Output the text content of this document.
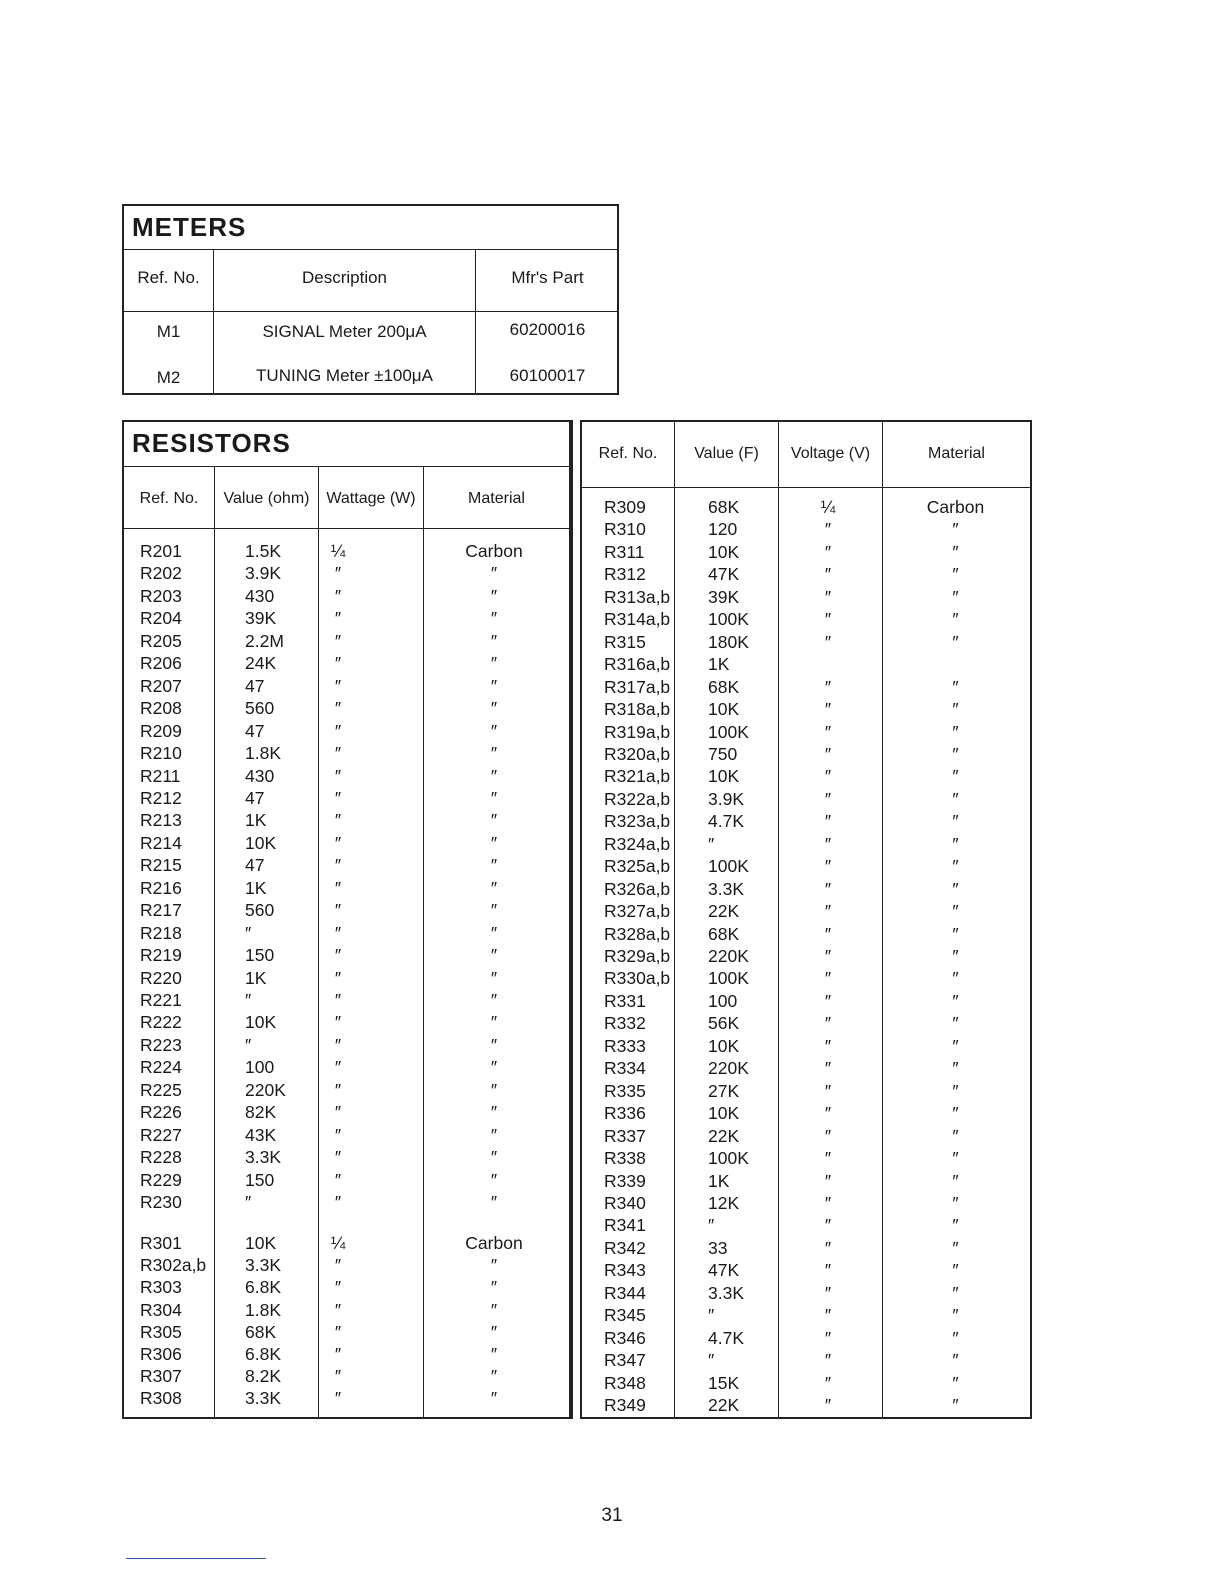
METERS
Ref. No.	Description	Mfr's Part
M1	SIGNAL Meter 200μA	60200016
M2	TUNING Meter ±100μA	60100017
RESISTORS
Ref. No.	Value (ohm)	Wattage (W)	Material
R201	1.5K	¼	Carbon
R202	3.9K	″	″
R203	430	″	″
R204	39K	″	″
R205	2.2M	″	″
R206	24K	″	″
R207	47	″	″
R208	560	″	″
R209	47	″	″
R210	1.8K	″	″
R211	430	″	″
R212	47	″	″
R213	1K	″	″
R214	10K	″	″
R215	47	″	″
R216	1K	″	″
R217	560	″	″
R218	″	″	″
R219	150	″	″
R220	1K	″	″
R221	″	″	″
R222	10K	″	″
R223	″	″	″
R224	100	″	″
R225	220K	″	″
R226	82K	″	″
R227	43K	″	″
R228	3.3K	″	″
R229	150	″	″
R230	″	″	″
R301	10K	¼	Carbon
R302a,b 3.3K	″	″
R303	6.8K	″	″
R304	1.8K	″	″
R305	68K	″	″
R306	6.8K	″	″
R307	8.2K	″	″
R308	3.3K	″	″
Ref. No.	Value (F)	Voltage (V)	Material
R309	68K	¼	Carbon
R310	120	″	″
R311	10K	″	″
R312	47K	″	″
R313a,b 39K	″	″
R314a,b 100K	″	″
R315	180K	″	″
R316a,b 1K
R317a,b 68K	″	″
R318a,b 10K	″	″
R319a,b 100K	″	″
R320a,b 750	″	″
R321a,b 10K	″	″
R322a,b 3.9K	″	″
R323a,b 4.7K	″	″
R324a,b ″	″	″
R325a,b 100K	″	″
R326a,b 3.3K	″	″
R327a,b 22K	″	″
R328a,b 68K	″	″
R329a,b 220K	″	″
R330a,b 100K	″	″
R331	100	″	″
R332	56K	″	″
R333	10K	″	″
R334	220K	″	″
R335	27K	″	″
R336	10K	″	″
R337	22K	″	″
R338	100K	″	″
R339	1K	″	″
R340	12K	″	″
R341	″	″	″
R342	33	″	″
R343	47K	″	″
R344	3.3K	″	″
R345	″	″	″
R346	4.7K	″	″
R347	″	″	″
R348	15K	″	″
R349	22K	″	″
31
